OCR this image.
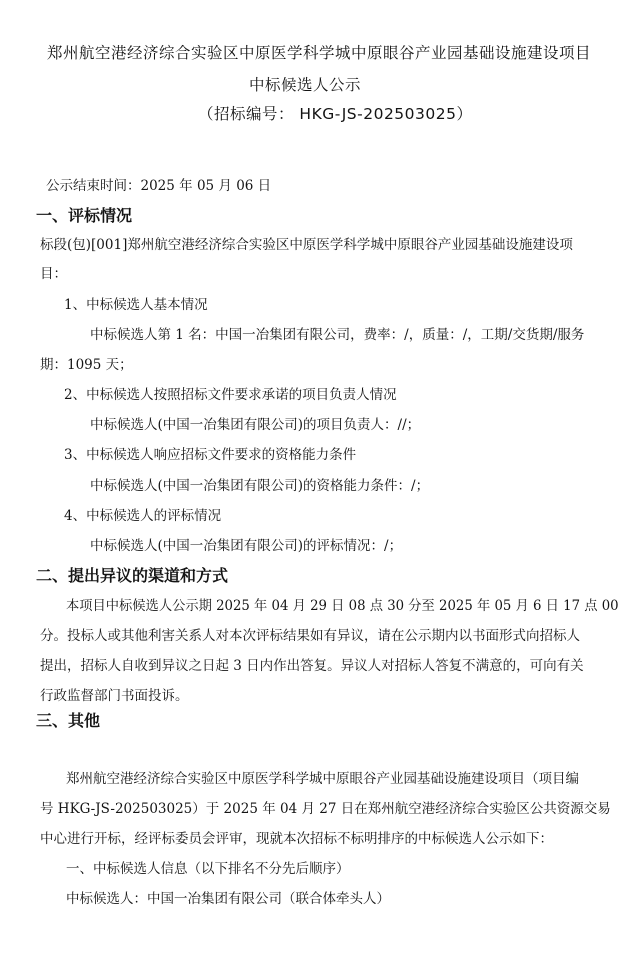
郑州航空港经济综合实验区中原医学科学城中原眼谷产业园基础设施建设项目
中标候选人公示
（招标编号： HKG-JS-202503025）
公示结束时间：2025 年 05 月 06 日
一、评标情况
标段(包)[001]郑州航空港经济综合实验区中原医学科学城中原眼谷产业园基础设施建设项
目：
1、中标候选人基本情况
中标候选人第 1 名：中国一冶集团有限公司，费率：/，质量：/，工期/交货期/服务
期：1095 天；
2、中标候选人按照招标文件要求承诺的项目负责人情况
中标候选人(中国一冶集团有限公司)的项目负责人：//；
3、中标候选人响应招标文件要求的资格能力条件
中标候选人(中国一冶集团有限公司)的资格能力条件：/；
4、中标候选人的评标情况
中标候选人(中国一冶集团有限公司)的评标情况：/；
二、提出异议的渠道和方式
本项目中标候选人公示期 2025 年 04 月 29 日 08 点 30 分至 2025 年 05 月 6 日 17 点 00
分。投标人或其他利害关系人对本次评标结果如有异议，请在公示期内以书面形式向招标人
提出，招标人自收到异议之日起 3 日内作出答复。异议人对招标人答复不满意的，可向有关
行政监督部门书面投诉。
三、其他
郑州航空港经济综合实验区中原医学科学城中原眼谷产业园基础设施建设项目（项目编
号 HKG-JS-202503025）于 2025 年 04 月 27 日在郑州航空港经济综合实验区公共资源交易
中心进行开标，经评标委员会评审，现就本次招标不标明排序的中标候选人公示如下：
一、中标候选人信息（以下排名不分先后顺序）
中标候选人：中国一冶集团有限公司（联合体牵头人）
